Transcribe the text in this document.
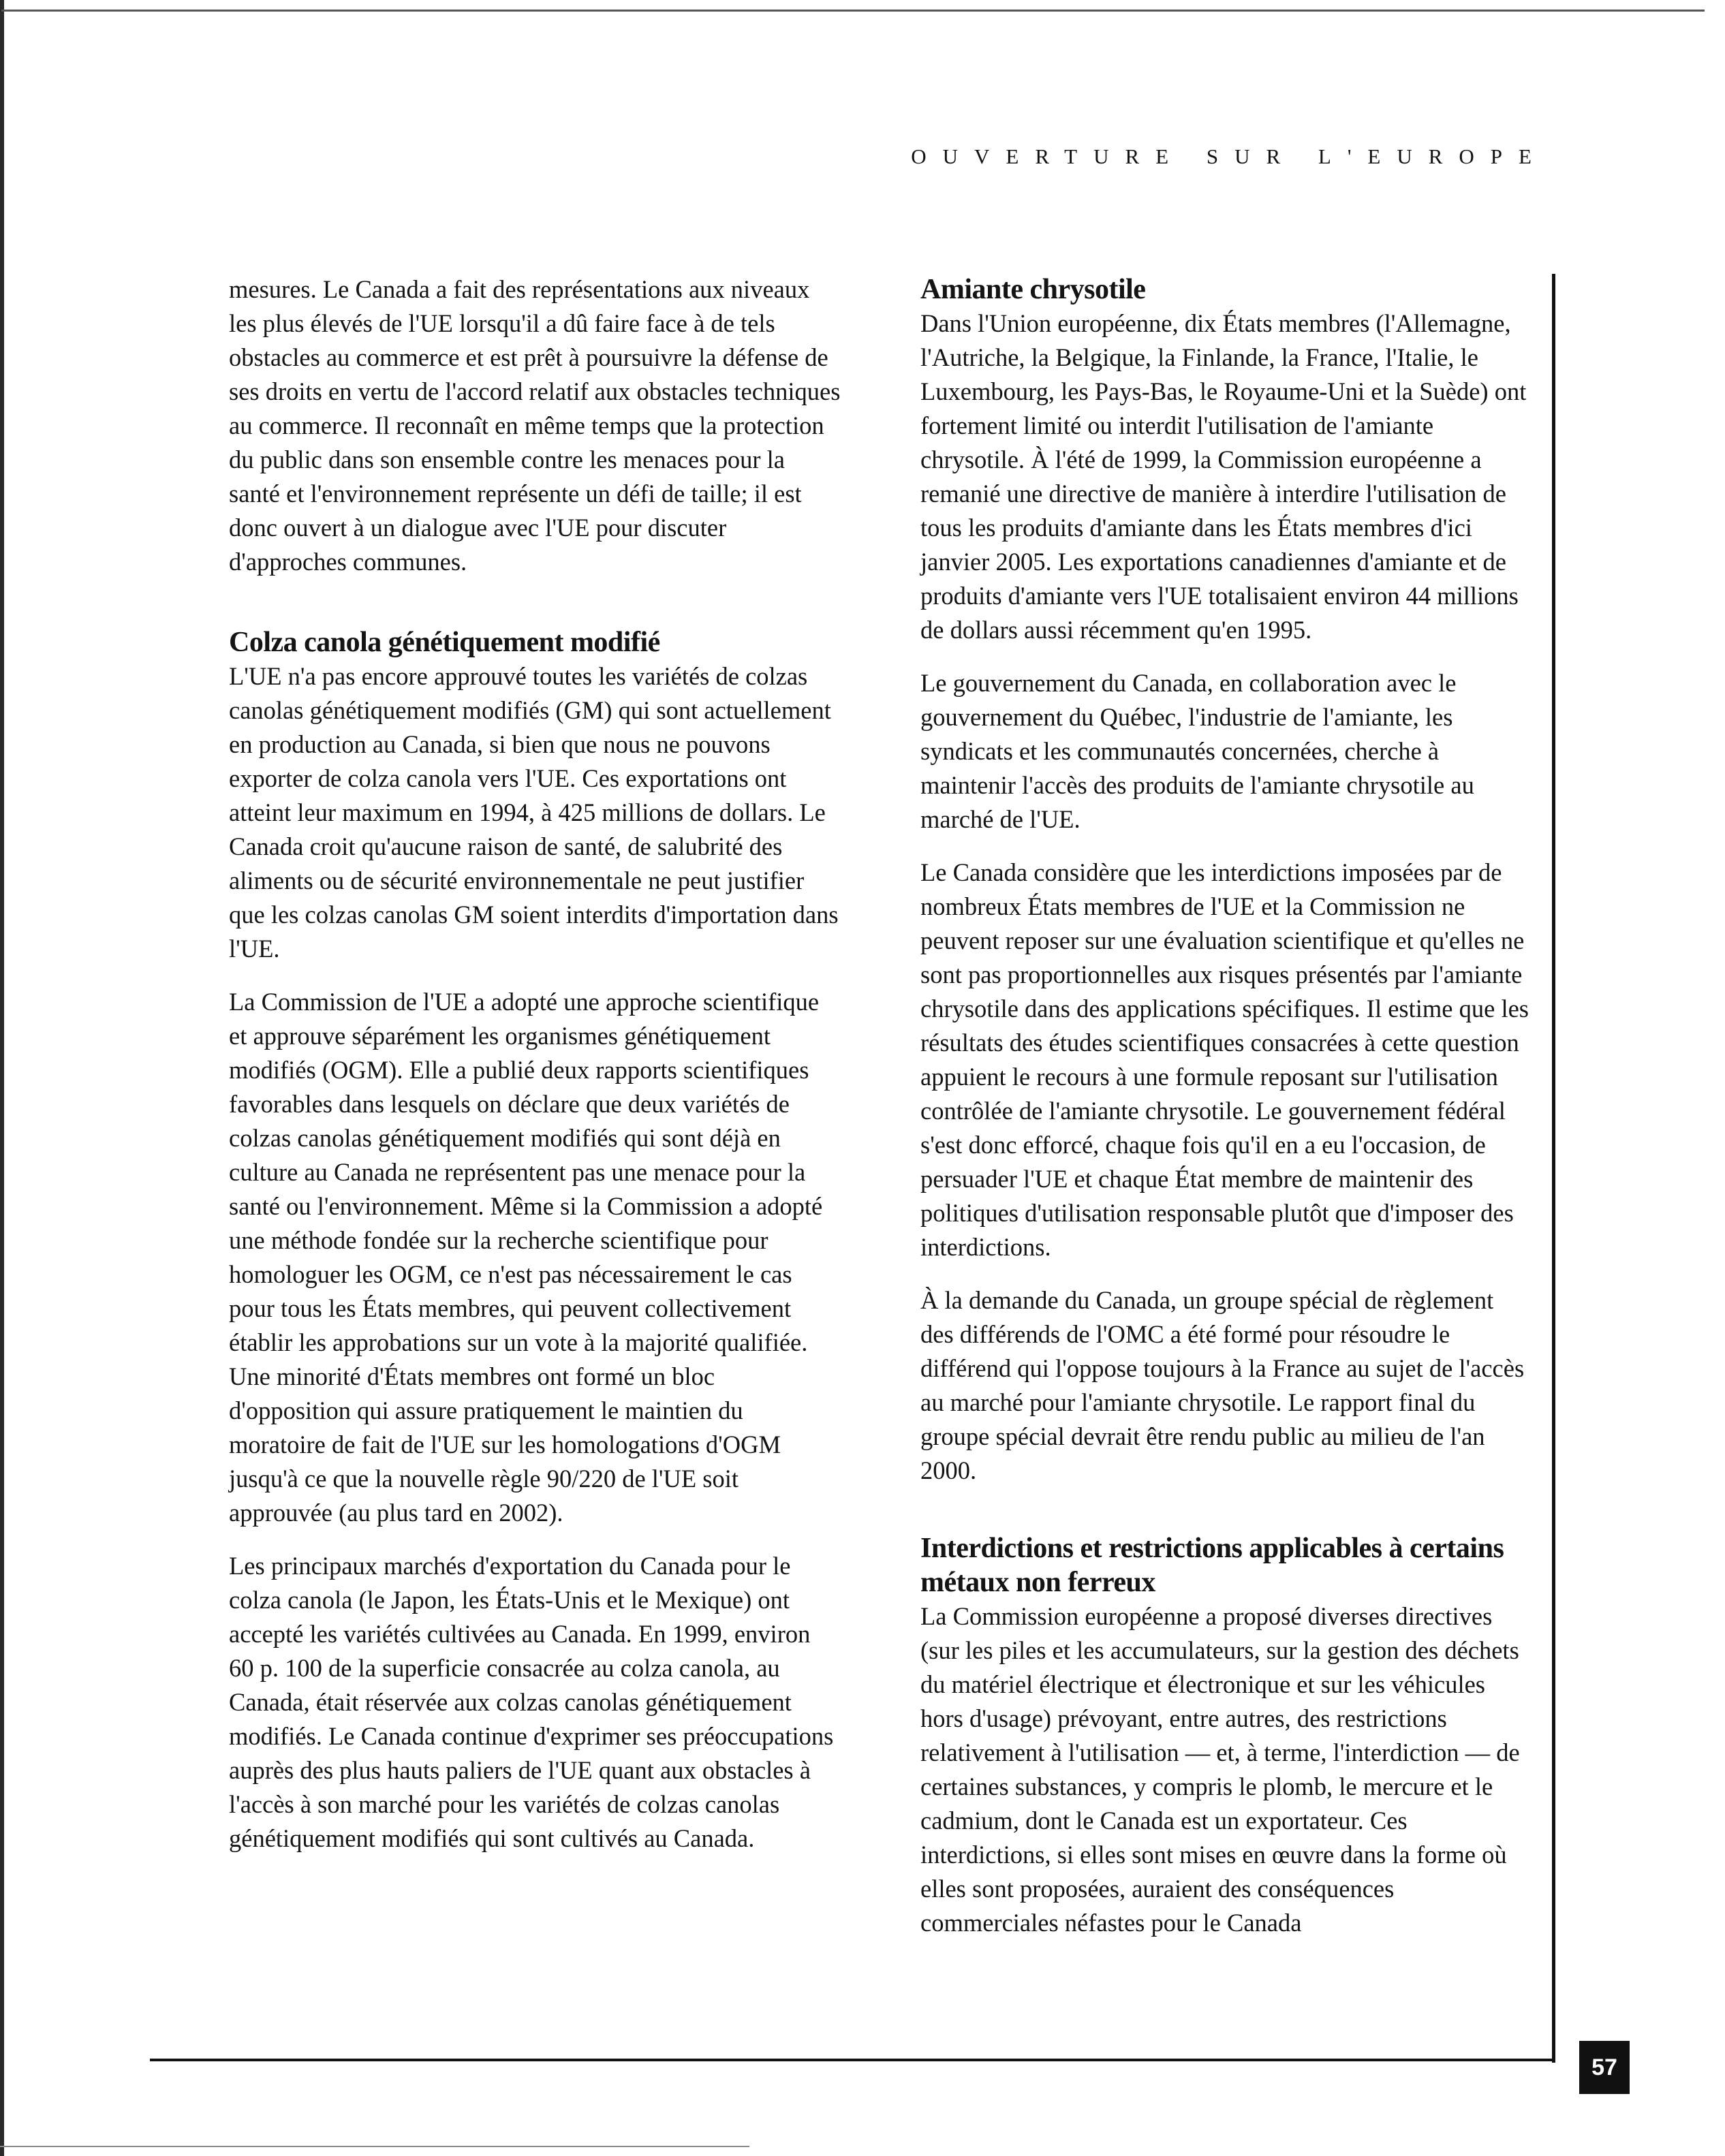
OUVERTURE SUR L'EUROPE

mesures. Le Canada a fait des représentations aux niveaux les plus élevés de l'UE lorsqu'il a dû faire face à de tels obstacles au commerce et est prêt à poursuivre la défense de ses droits en vertu de l'accord relatif aux obstacles techniques au commerce. Il reconnaît en même temps que la protection du public dans son ensemble contre les menaces pour la santé et l'environnement représente un défi de taille; il est donc ouvert à un dialogue avec l'UE pour discuter d'approches communes.

Colza canola génétiquement modifié

L'UE n'a pas encore approuvé toutes les variétés de colzas canolas génétiquement modifiés (GM) qui sont actuellement en production au Canada, si bien que nous ne pouvons exporter de colza canola vers l'UE. Ces exportations ont atteint leur maximum en 1994, à 425 millions de dollars. Le Canada croit qu'aucune raison de santé, de salubrité des aliments ou de sécurité environnementale ne peut justifier que les colzas canolas GM soient interdits d'importation dans l'UE.

La Commission de l'UE a adopté une approche scientifique et approuve séparément les organismes génétiquement modifiés (OGM). Elle a publié deux rapports scientifiques favorables dans lesquels on déclare que deux variétés de colzas canolas génétiquement modifiés qui sont déjà en culture au Canada ne représentent pas une menace pour la santé ou l'environnement. Même si la Commission a adopté une méthode fondée sur la recherche scientifique pour homologuer les OGM, ce n'est pas nécessairement le cas pour tous les États membres, qui peuvent collectivement établir les approbations sur un vote à la majorité qualifiée. Une minorité d'États membres ont formé un bloc d'opposition qui assure pratiquement le maintien du moratoire de fait de l'UE sur les homologations d'OGM jusqu'à ce que la nouvelle règle 90/220 de l'UE soit approuvée (au plus tard en 2002).

Les principaux marchés d'exportation du Canada pour le colza canola (le Japon, les États-Unis et le Mexique) ont accepté les variétés cultivées au Canada. En 1999, environ 60 p. 100 de la superficie consacrée au colza canola, au Canada, était réservée aux colzas canolas génétiquement modifiés. Le Canada continue d'exprimer ses préoccupations auprès des plus hauts paliers de l'UE quant aux obstacles à l'accès à son marché pour les variétés de colzas canolas génétiquement modifiés qui sont cultivés au Canada.

Amiante chrysotile

Dans l'Union européenne, dix États membres (l'Allemagne, l'Autriche, la Belgique, la Finlande, la France, l'Italie, le Luxembourg, les Pays-Bas, le Royaume-Uni et la Suède) ont fortement limité ou interdit l'utilisation de l'amiante chrysotile. À l'été de 1999, la Commission européenne a remanié une directive de manière à interdire l'utilisation de tous les produits d'amiante dans les États membres d'ici janvier 2005. Les exportations canadiennes d'amiante et de produits d'amiante vers l'UE totalisaient environ 44 millions de dollars aussi récemment qu'en 1995.

Le gouvernement du Canada, en collaboration avec le gouvernement du Québec, l'industrie de l'amiante, les syndicats et les communautés concernées, cherche à maintenir l'accès des produits de l'amiante chrysotile au marché de l'UE.

Le Canada considère que les interdictions imposées par de nombreux États membres de l'UE et la Commission ne peuvent reposer sur une évaluation scientifique et qu'elles ne sont pas proportionnelles aux risques présentés par l'amiante chrysotile dans des applications spécifiques. Il estime que les résultats des études scientifiques consacrées à cette question appuient le recours à une formule reposant sur l'utilisation contrôlée de l'amiante chrysotile. Le gouvernement fédéral s'est donc efforcé, chaque fois qu'il en a eu l'occasion, de persuader l'UE et chaque État membre de maintenir des politiques d'utilisation responsable plutôt que d'imposer des interdictions.

À la demande du Canada, un groupe spécial de règlement des différends de l'OMC a été formé pour résoudre le différend qui l'oppose toujours à la France au sujet de l'accès au marché pour l'amiante chrysotile. Le rapport final du groupe spécial devrait être rendu public au milieu de l'an 2000.

Interdictions et restrictions applicables à certains métaux non ferreux

La Commission européenne a proposé diverses directives (sur les piles et les accumulateurs, sur la gestion des déchets du matériel électrique et électronique et sur les véhicules hors d'usage) prévoyant, entre autres, des restrictions relativement à l'utilisation — et, à terme, l'interdiction — de certaines substances, y compris le plomb, le mercure et le cadmium, dont le Canada est un exportateur. Ces interdictions, si elles sont mises en œuvre dans la forme où elles sont proposées, auraient des conséquences commerciales néfastes pour le Canada

57
